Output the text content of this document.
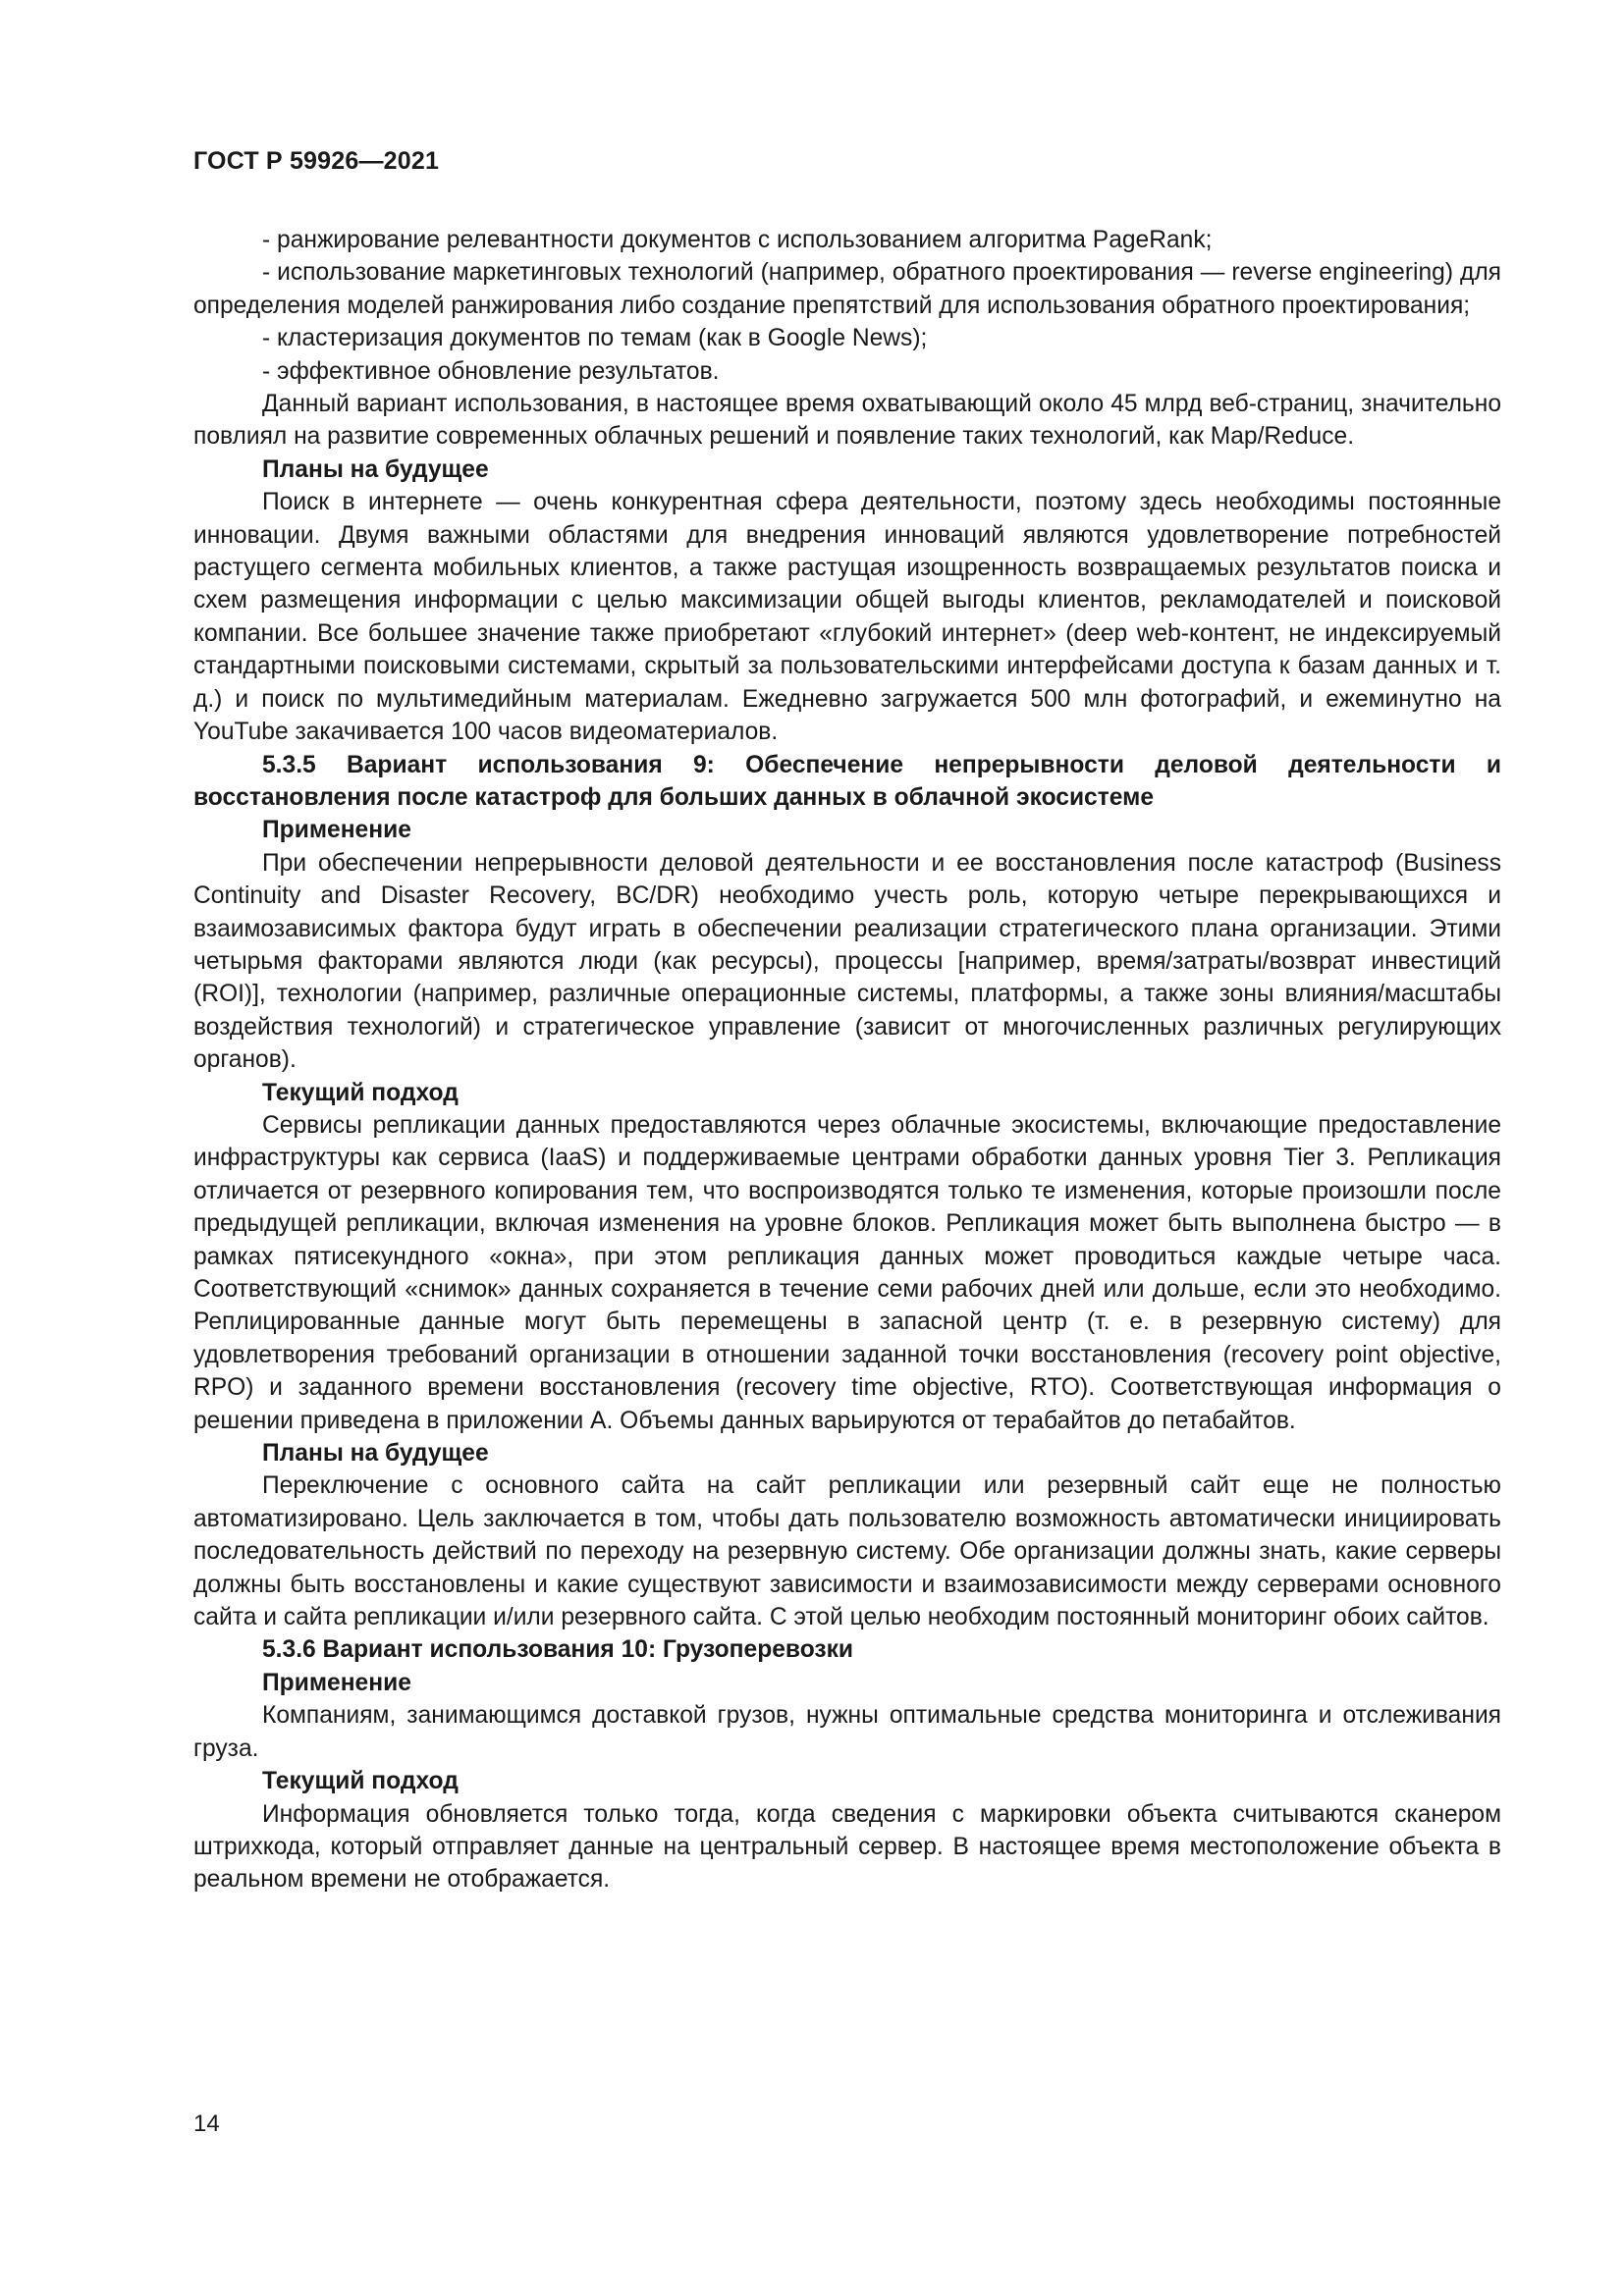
ГОСТ Р 59926—2021

- ранжирование релевантности документов с использованием алгоритма PageRank;

- использование маркетинговых технологий (например, обратного проектирования — reverse engineering) для определения моделей ранжирования либо создание препятствий для использования обратного проектирования;

- кластеризация документов по темам (как в Google News);

- эффективное обновление результатов.

Данный вариант использования, в настоящее время охватывающий около 45 млрд веб-страниц, значительно повлиял на развитие современных облачных решений и появление таких технологий, как Map/Reduce.

Планы на будущее

Поиск в интернете — очень конкурентная сфера деятельности, поэтому здесь необходимы постоянные инновации. Двумя важными областями для внедрения инноваций являются удовлетворение потребностей растущего сегмента мобильных клиентов, а также растущая изощренность возвращаемых результатов поиска и схем размещения информации с целью максимизации общей выгоды клиентов, рекламодателей и поисковой компании. Все большее значение также приобретают «глубокий интернет» (deep web-контент, не индексируемый стандартными поисковыми системами, скрытый за пользовательскими интерфейсами доступа к базам данных и т. д.) и поиск по мультимедийным материалам. Ежедневно загружается 500 млн фотографий, и ежеминутно на YouTube закачивается 100 часов видеоматериалов.

5.3.5 Вариант использования 9: Обеспечение непрерывности деловой деятельности и восстановления после катастроф для больших данных в облачной экосистеме

Применение

При обеспечении непрерывности деловой деятельности и ее восстановления после катастроф (Business Continuity and Disaster Recovery, BC/DR) необходимо учесть роль, которую четыре перекрывающихся и взаимозависимых фактора будут играть в обеспечении реализации стратегического плана организации. Этими четырьмя факторами являются люди (как ресурсы), процессы [например, время/затраты/возврат инвестиций (ROI)], технологии (например, различные операционные системы, платформы, а также зоны влияния/масштабы воздействия технологий) и стратегическое управление (зависит от многочисленных различных регулирующих органов).

Текущий подход

Сервисы репликации данных предоставляются через облачные экосистемы, включающие предоставление инфраструктуры как сервиса (IaaS) и поддерживаемые центрами обработки данных уровня Tier 3. Репликация отличается от резервного копирования тем, что воспроизводятся только те изменения, которые произошли после предыдущей репликации, включая изменения на уровне блоков. Репликация может быть выполнена быстро — в рамках пятисекундного «окна», при этом репликация данных может проводиться каждые четыре часа. Соответствующий «снимок» данных сохраняется в течение семи рабочих дней или дольше, если это необходимо. Реплицированные данные могут быть перемещены в запасной центр (т. е. в резервную систему) для удовлетворения требований организации в отношении заданной точки восстановления (recovery point objective, RPO) и заданного времени восстановления (recovery time objective, RTO). Соответствующая информация о решении приведена в приложении А. Объемы данных варьируются от терабайтов до петабайтов.

Планы на будущее

Переключение с основного сайта на сайт репликации или резервный сайт еще не полностью автоматизировано. Цель заключается в том, чтобы дать пользователю возможность автоматически инициировать последовательность действий по переходу на резервную систему. Обе организации должны знать, какие серверы должны быть восстановлены и какие существуют зависимости и взаимозависимости между серверами основного сайта и сайта репликации и/или резервного сайта. С этой целью необходим постоянный мониторинг обоих сайтов.

5.3.6 Вариант использования 10: Грузоперевозки

Применение

Компаниям, занимающимся доставкой грузов, нужны оптимальные средства мониторинга и отслеживания груза.

Текущий подход

Информация обновляется только тогда, когда сведения с маркировки объекта считываются сканером штрихкода, который отправляет данные на центральный сервер. В настоящее время местоположение объекта в реальном времени не отображается.

14
